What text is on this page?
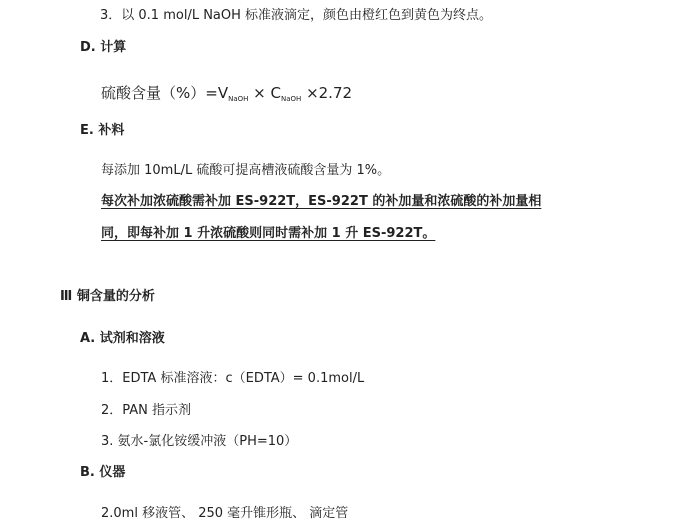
3．以 0.1 mol/L NaOH 标准液滴定，颜色由橙红色到黄色为终点。
D. 计算
硫酸含量$(\%)=V_{NaOH} \times C_{NaOH} \times 2.72$
E. 补料
每添加 10mL/L 硫酸可提高槽液硫酸含量为 1%。
每次补加浓硫酸需补加 ES-922T，ES-922T 的补加量和浓硫酸的补加量相
同，即每补加 1 升浓硫酸则同时需补加 1 升 ES-922T。
Ⅲ 铜含量的分析
A. 试剂和溶液
1．EDTA 标准溶液：c（EDTA）= 0.1mol/L
2．PAN 指示剂
3. 氨水-氯化铵缓冲液（PH=10）
B. 仪器
2.0ml 移液管、 250 毫升锥形瓶、 滴定管
